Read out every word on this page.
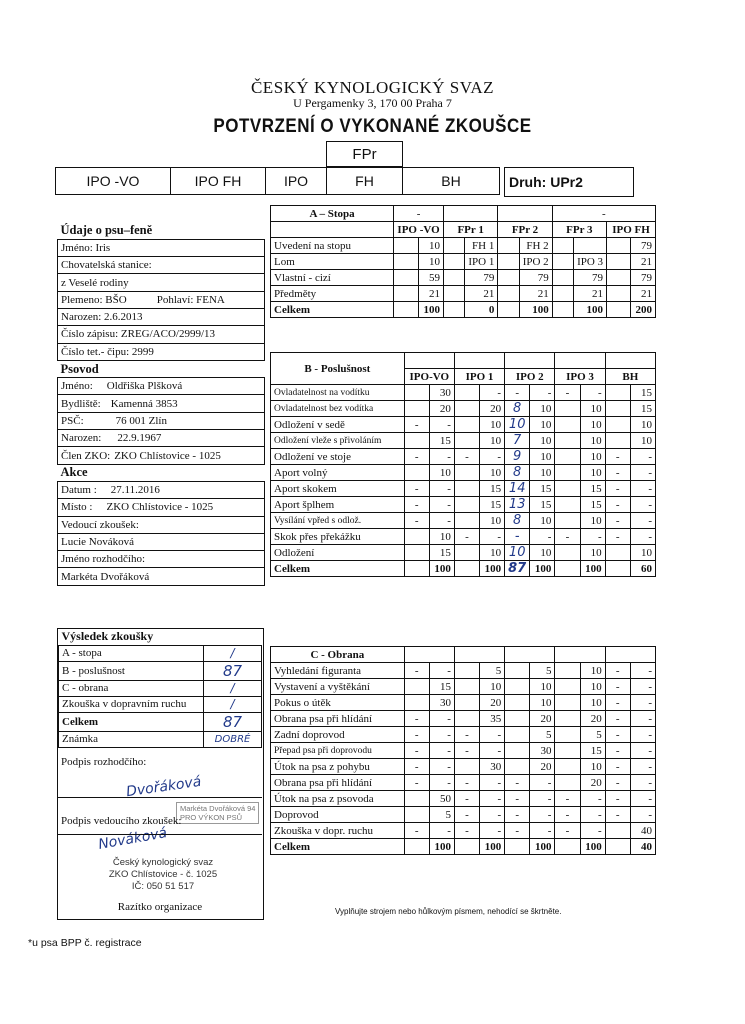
ČESKÝ KYNOLOGICKÝ SVAZ
U Pergamenky 3, 170 00 Praha 7
POTVRZENÍ O VYKONANÉ ZKOUŠCE
FPr
IPO -VO	IPO FH	IPO	FH	BH	Druh: UPr2
Údaje o psu–feně
Jméno: Iris
Chovatelská stanice:
z Veselé rodiny
Plemeno: BŠO	Pohlaví: FENA
Narozen: 2.6.2013
Číslo zápisu: ZREG/ACO/2999/13
Číslo tet.- čipu: 2999
Psovod
Jméno: Oldřiška Plšková
Bydliště: Kamenná 3853
PSČ:	76 001 Zlín
Narozen: 22.9.1967
Člen ZKO: ZKO Chlístovice - 1025
Akce
Datum : 27.11.2016
Místo : ZKO Chlístovice - 1025
Vedoucí zkoušek:
Lucie Nováková
Jméno rozhodčího:
Markéta Dvořáková
Výsledek zkoušky	
A - stopa	/
B - poslušnost	87
C - obrana	/
Zkouška v dopravním ruchu	/
Celkem	87
Známka	DOBRÉ
Podpis rozhodčího:
Dvořáková
Markéta Dvořáková 94
PRO VÝKON PSŮ
Podpis vedoucího zkoušek:
Nováková
Český kynologický svaz
ZKO Chlístovice - č. 1025
IČ: 050 51 517
Razítko organizace
A – Stopa	-						-			
	IPO -VO		FPr 1		FPr 2		FPr 3		IPO FH	
Uvedení na stopu		10		FH 1		FH 2				79
Lom		10		IPO 1		IPO 2		IPO 3		21
Vlastní - cizí		59		79		79		79		79
Předměty		21		21		21		21		21
Celkem		100		0		100		100		200
B - Poslušnost										
	IPO-VO		IPO 1		IPO 2		IPO 3		BH	
Ovladatelnost na vodítku		30		-	-	-	-	-		15
Ovladatelnost bez vodítka		20		20	8	10		10		15
Odložení v sedě	-	-		10	10	10		10		10
Odložení vleže s přivoláním		15		10	7	10		10		10
Odložení ve stoje	-	-	-	-	9	10		10	-	-
Aport volný		10		10	8	10		10	-	-
Aport skokem	-	-		15	14	15		15	-	-
Aport šplhem	-	-		15	13	15		15	-	-
Vysílání vpřed s odlož.	-	-		10	8	10		10	-	-
Skok přes překážku		10	-	-	-	-	-	-	-	-
Odložení		15		10	10	10		10		10
Celkem		100		100	87	100		100		60
C - Obrana										
Vyhledání figuranta	-	-		5		5		10	-	-
Vystavení a vyštěkání		15		10		10		10	-	-
Pokus o útěk		30		20		10		10	-	-
Obrana psa při hlídání	-	-		35		20		20	-	-
Zadní doprovod	-	-	-	-		5		5	-	-
Přepad psa při doprovodu	-	-	-	-		30		15	-	-
Útok na psa z pohybu	-	-		30		20		10	-	-
Obrana psa při hlídání	-	-	-	-	-	-		20	-	-
Útok na psa z psovoda		50	-	-	-	-	-	-	-	-
Doprovod		5	-	-	-	-	-	-	-	-
Zkouška v dopr. ruchu	-	-	-	-	-	-	-	-		40
Celkem		100		100		100		100		40
Vyplňujte strojem nebo hůlkovým písmem, nehodící se škrtněte.
*u psa BPP č. registrace
